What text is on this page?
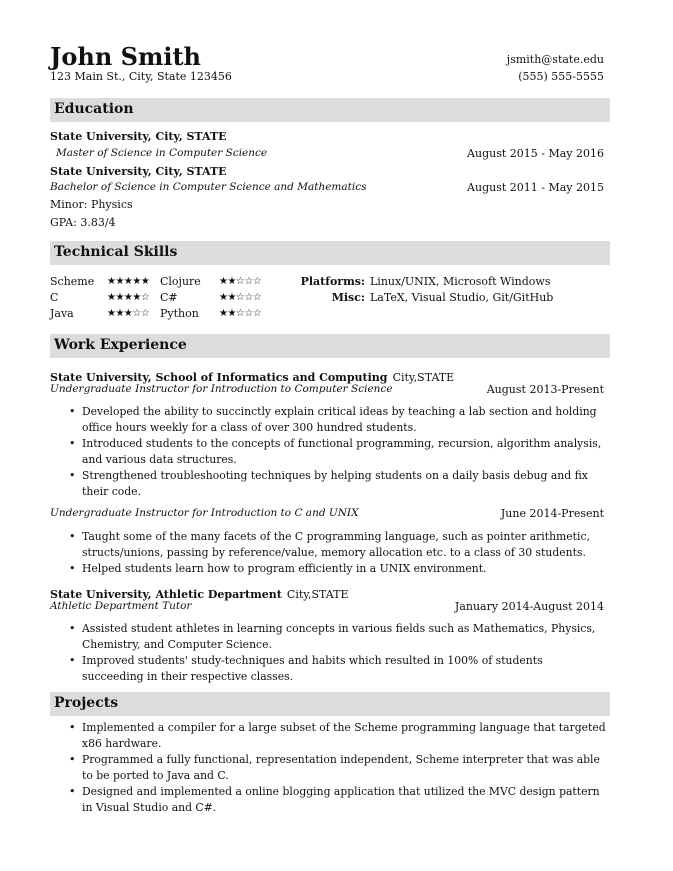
John Smith
123 Main St., City, State 123456
jsmith@state.edu
(555) 555-5555
Education
State University, City, STATE
Master of Science in Computer Science	August 2015 - May 2016
State University, City, STATE
Bachelor of Science in Computer Science and Mathematics	August 2011 - May 2015
Minor: Physics
GPA: 3.83/4
Technical Skills
Scheme ★★★★★ Clojure ★★☆☆☆
C	★★★★☆ C#	★★☆☆☆
Java	★★★☆☆ Python ★★☆☆☆
Platforms: Linux/UNIX, Microsoft Windows
Misc: LaTeX, Visual Studio, Git/GitHub
Work Experience
State University, School of Informatics and Computing City,STATE
Undergraduate Instructor for Introduction to Computer Science	August 2013-Present
• Developed the ability to succinctly explain critical ideas by teaching a lab section and holding office hours weekly for a class of over 300 hundred students.
• Introduced students to the concepts of functional programming, recursion, algorithm analysis, and various data structures.
• Strengthened troubleshooting techniques by helping students on a daily basis debug and fix their code.
Undergraduate Instructor for Introduction to C and UNIX	June 2014-Present
• Taught some of the many facets of the C programming language, such as pointer arithmetic, structs/unions, passing by reference/value, memory allocation etc. to a class of 30 students.
• Helped students learn how to program efficiently in a UNIX environment.
State University, Athletic Department City,STATE
Athletic Department Tutor	January 2014-August 2014
• Assisted student athletes in learning concepts in various fields such as Mathematics, Physics, Chemistry, and Computer Science.
• Improved students' study-techniques and habits which resulted in 100% of students succeeding in their respective classes.
Projects
• Implemented a compiler for a large subset of the Scheme programming language that targeted x86 hardware.
• Programmed a fully functional, representation independent, Scheme interpreter that was able to be ported to Java and C.
• Designed and implemented a online blogging application that utilized the MVC design pattern in Visual Studio and C#.
